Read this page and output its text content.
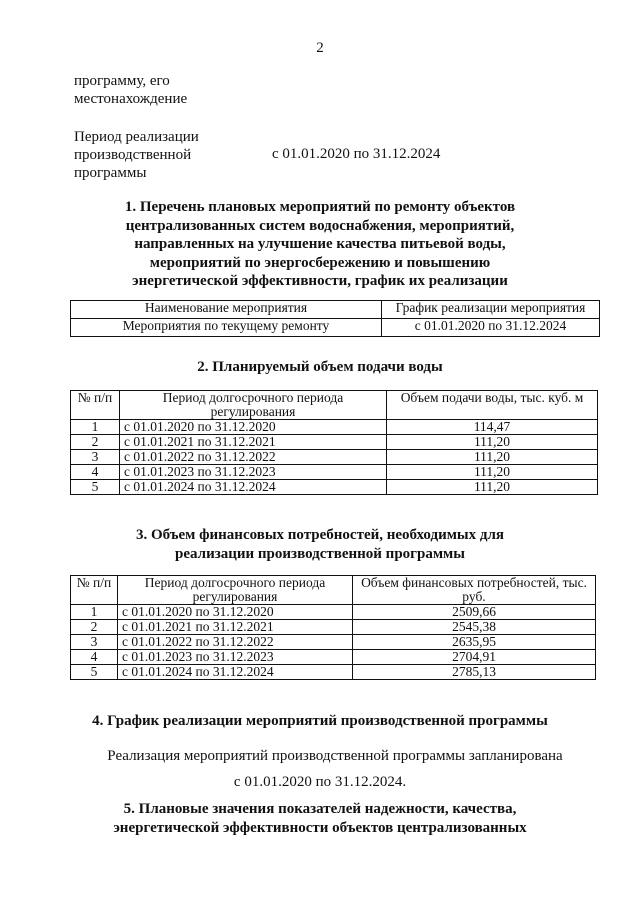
2
программу, его
местонахождение
Период реализации
производственной
программы
с 01.01.2020 по 31.12.2024
1. Перечень плановых мероприятий по ремонту объектов
централизованных систем водоснабжения, мероприятий,
направленных на улучшение качества питьевой воды,
мероприятий по энергосбережению и повышению
энергетической эффективности, график их реализации
Наименование мероприятия	График реализации мероприятия
Мероприятия по текущему ремонту	с 01.01.2020 по 31.12.2024
2. Планируемый объем подачи воды
№ п/п	Период долгосрочного периода регулирования	Объем подачи воды, тыс. куб. м
1	с 01.01.2020 по 31.12.2020	114,47
2	с 01.01.2021 по 31.12.2021	111,20
3	с 01.01.2022 по 31.12.2022	111,20
4	с 01.01.2023 по 31.12.2023	111,20
5	с 01.01.2024 по 31.12.2024	111,20
3. Объем финансовых потребностей, необходимых для
реализации производственной программы
№ п/п	Период долгосрочного периода регулирования	Объем финансовых потребностей, тыс. руб.
1	с 01.01.2020 по 31.12.2020	2509,66
2	с 01.01.2021 по 31.12.2021	2545,38
3	с 01.01.2022 по 31.12.2022	2635,95
4	с 01.01.2023 по 31.12.2023	2704,91
5	с 01.01.2024 по 31.12.2024	2785,13
4. График реализации мероприятий производственной программы
Реализация мероприятий производственной программы запланирована
с 01.01.2020 по 31.12.2024.
5. Плановые значения показателей надежности, качества,
энергетической эффективности объектов централизованных
